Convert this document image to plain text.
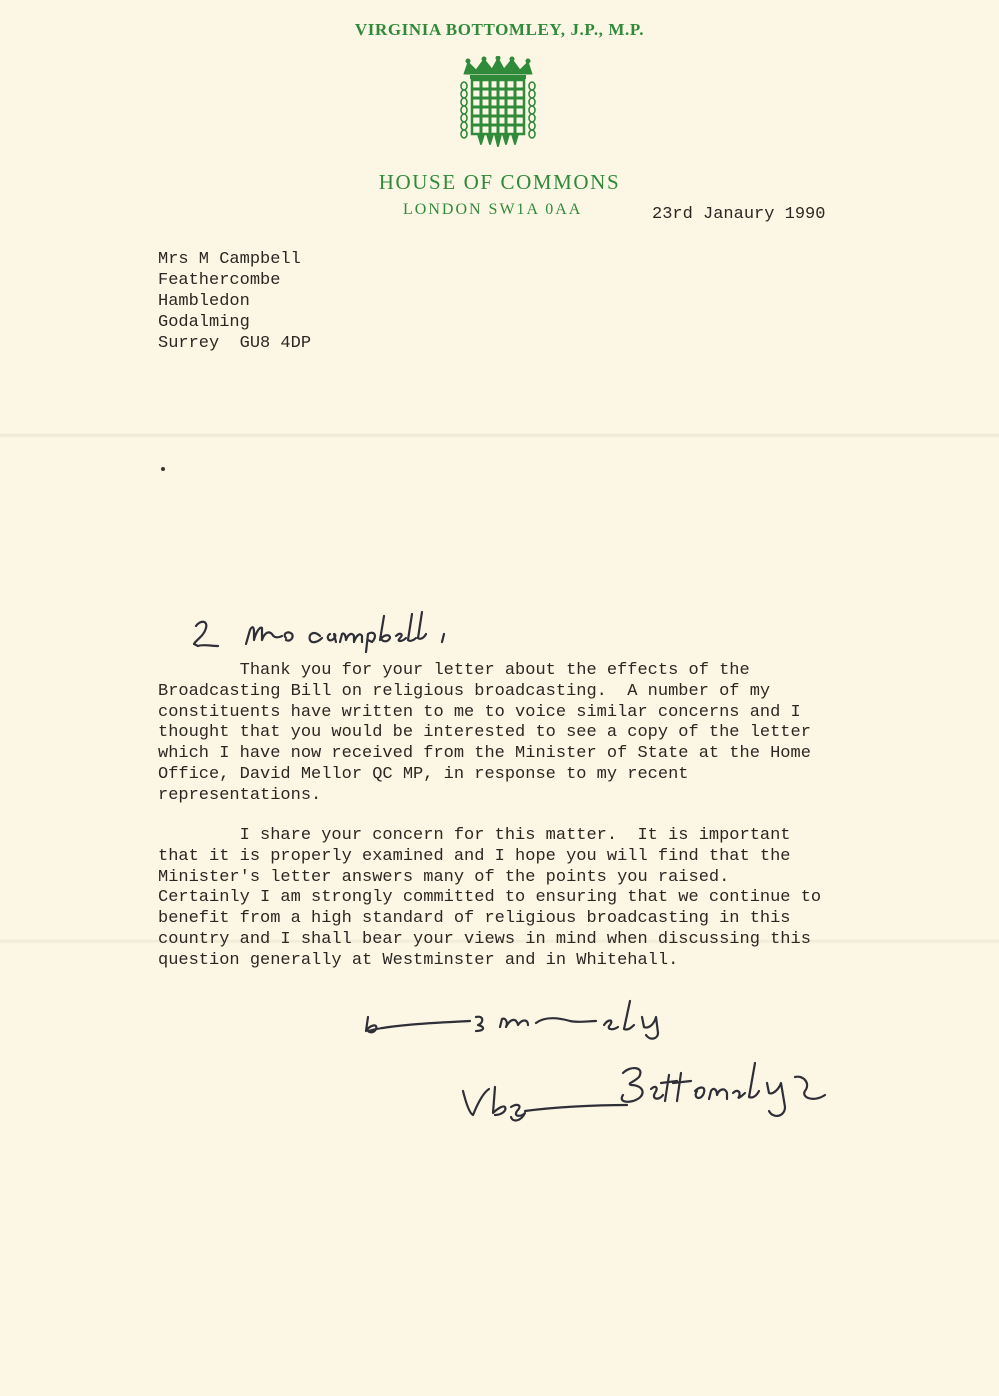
VIRGINIA BOTTOMLEY, J.P., M.P.
HOUSE OF COMMONS
LONDON SW1A 0AA	23rd Janaury 1990
Mrs M Campbell
Feathercombe
Hambledon
Godalming
Surrey  GU8 4DP
Thank you for your letter about the effects of the
Broadcasting Bill on religious broadcasting.  A number of my
constituents have written to me to voice similar concerns and I
thought that you would be interested to see a copy of the letter
which I have now received from the Minister of State at the Home
Office, David Mellor QC MP, in response to my recent
representations.
I share your concern for this matter.  It is important
that it is properly examined and I hope you will find that the
Minister's letter answers many of the points you raised.
Certainly I am strongly committed to ensuring that we continue to
benefit from a high standard of religious broadcasting in this
country and I shall bear your views in mind when discussing this
question generally at Westminster and in Whitehall.
